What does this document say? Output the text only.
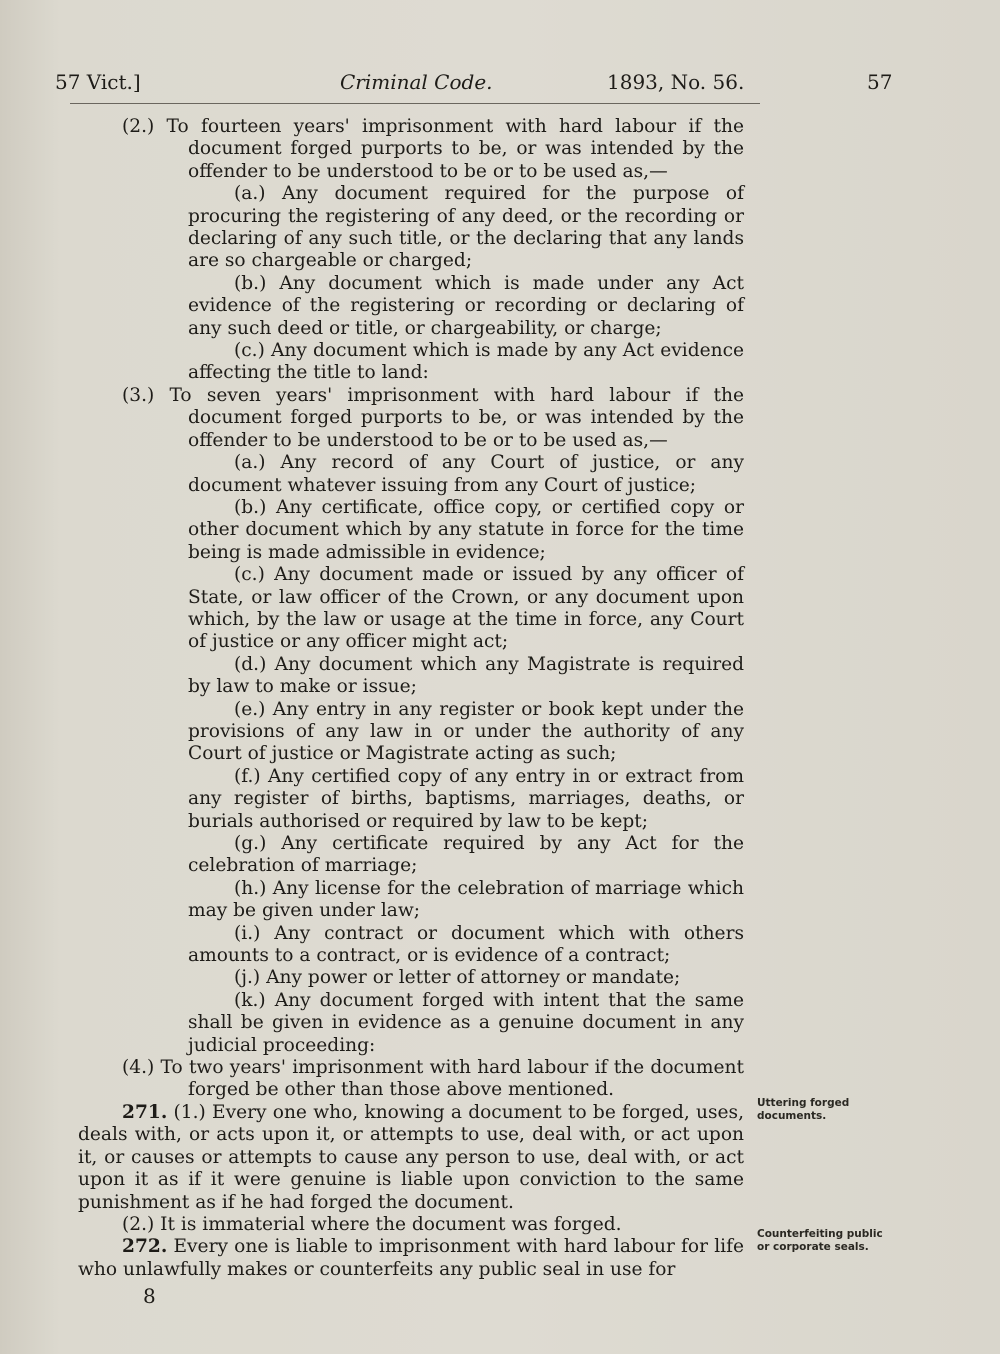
57 Vict.]	Criminal Code.	1893, No. 56.	57

(2.) To fourteen years' imprisonment with hard labour if the document forged purports to be, or was intended by the offender to be understood to be or to be used as,—

(a.) Any document required for the purpose of procuring the registering of any deed, or the recording or declaring of any such title, or the declaring that any lands are so chargeable or charged;

(b.) Any document which is made under any Act evidence of the registering or recording or declaring of any such deed or title, or chargeability, or charge;

(c.) Any document which is made by any Act evidence affecting the title to land:

(3.) To seven years' imprisonment with hard labour if the document forged purports to be, or was intended by the offender to be understood to be or to be used as,—

(a.) Any record of any Court of justice, or any document whatever issuing from any Court of justice;

(b.) Any certificate, office copy, or certified copy or other document which by any statute in force for the time being is made admissible in evidence;

(c.) Any document made or issued by any officer of State, or law officer of the Crown, or any document upon which, by the law or usage at the time in force, any Court of justice or any officer might act;

(d.) Any document which any Magistrate is required by law to make or issue;

(e.) Any entry in any register or book kept under the provisions of any law in or under the authority of any Court of justice or Magistrate acting as such;

(f.) Any certified copy of any entry in or extract from any register of births, baptisms, marriages, deaths, or burials authorised or required by law to be kept;

(g.) Any certificate required by any Act for the celebration of marriage;

(h.) Any license for the celebration of marriage which may be given under law;

(i.) Any contract or document which with others amounts to a contract, or is evidence of a contract;

(j.) Any power or letter of attorney or mandate;

(k.) Any document forged with intent that the same shall be given in evidence as a genuine document in any judicial proceeding:

(4.) To two years' imprisonment with hard labour if the document forged be other than those above mentioned.

271. (1.) Every one who, knowing a document to be forged, uses, deals with, or acts upon it, or attempts to use, deal with, or act upon it, or causes or attempts to cause any person to use, deal with, or act upon it as if it were genuine is liable upon conviction to the same punishment as if he had forged the document.

(2.) It is immaterial where the document was forged.

272. Every one is liable to imprisonment with hard labour for life who unlawfully makes or counterfeits any public seal in use for

Uttering forged documents.
Counterfeiting public or corporate seals.
8
